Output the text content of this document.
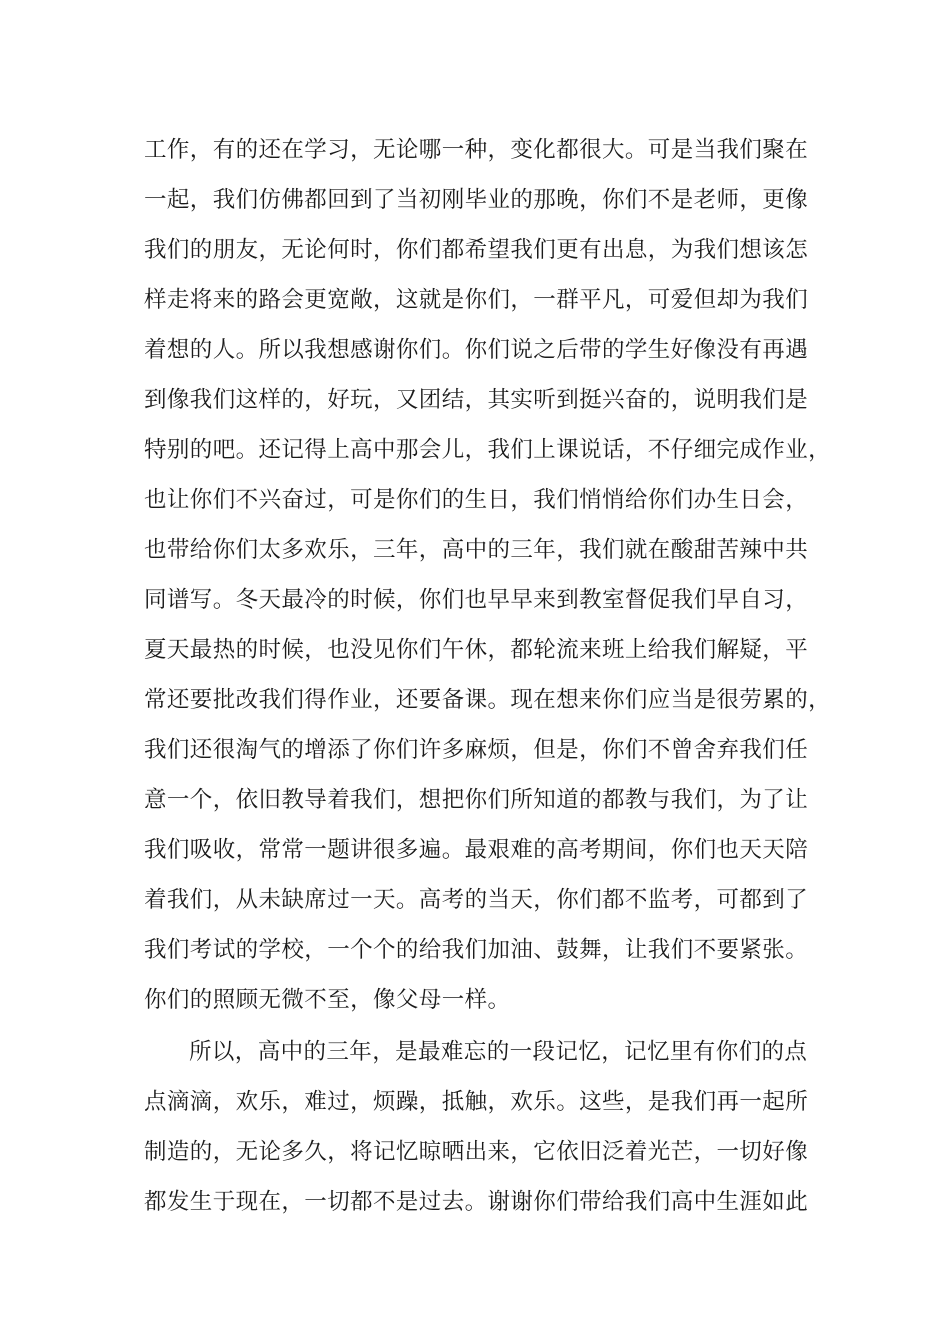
工作，有的还在学习，无论哪一种，变化都很大。可是当我们聚在
一起，我们仿佛都回到了当初刚毕业的那晚，你们不是老师，更像
我们的朋友，无论何时，你们都希望我们更有出息，为我们想该怎
样走将来的路会更宽敞，这就是你们，一群平凡，可爱但却为我们
着想的人。所以我想感谢你们。你们说之后带的学生好像没有再遇
到像我们这样的，好玩，又团结，其实听到挺兴奋的，说明我们是
特别的吧。还记得上高中那会儿，我们上课说话，不仔细完成作业，
也让你们不兴奋过，可是你们的生日，我们悄悄给你们办生日会，
也带给你们太多欢乐，三年，高中的三年，我们就在酸甜苦辣中共
同谱写。冬天最冷的时候，你们也早早来到教室督促我们早自习，
夏天最热的时候，也没见你们午休，都轮流来班上给我们解疑，平
常还要批改我们得作业，还要备课。现在想来你们应当是很劳累的，
我们还很淘气的增添了你们许多麻烦，但是，你们不曾舍弃我们任
意一个，依旧教导着我们，想把你们所知道的都教与我们，为了让
我们吸收，常常一题讲很多遍。最艰难的高考期间，你们也天天陪
着我们，从未缺席过一天。高考的当天，你们都不监考，可都到了
我们考试的学校，一个个的给我们加油、鼓舞，让我们不要紧张。
你们的照顾无微不至，像父母一样。
所以，高中的三年，是最难忘的一段记忆，记忆里有你们的点
点滴滴，欢乐，难过，烦躁，抵触，欢乐。这些，是我们再一起所
制造的，无论多久，将记忆晾晒出来，它依旧泛着光芒，一切好像
都发生于现在，一切都不是过去。谢谢你们带给我们高中生涯如此
